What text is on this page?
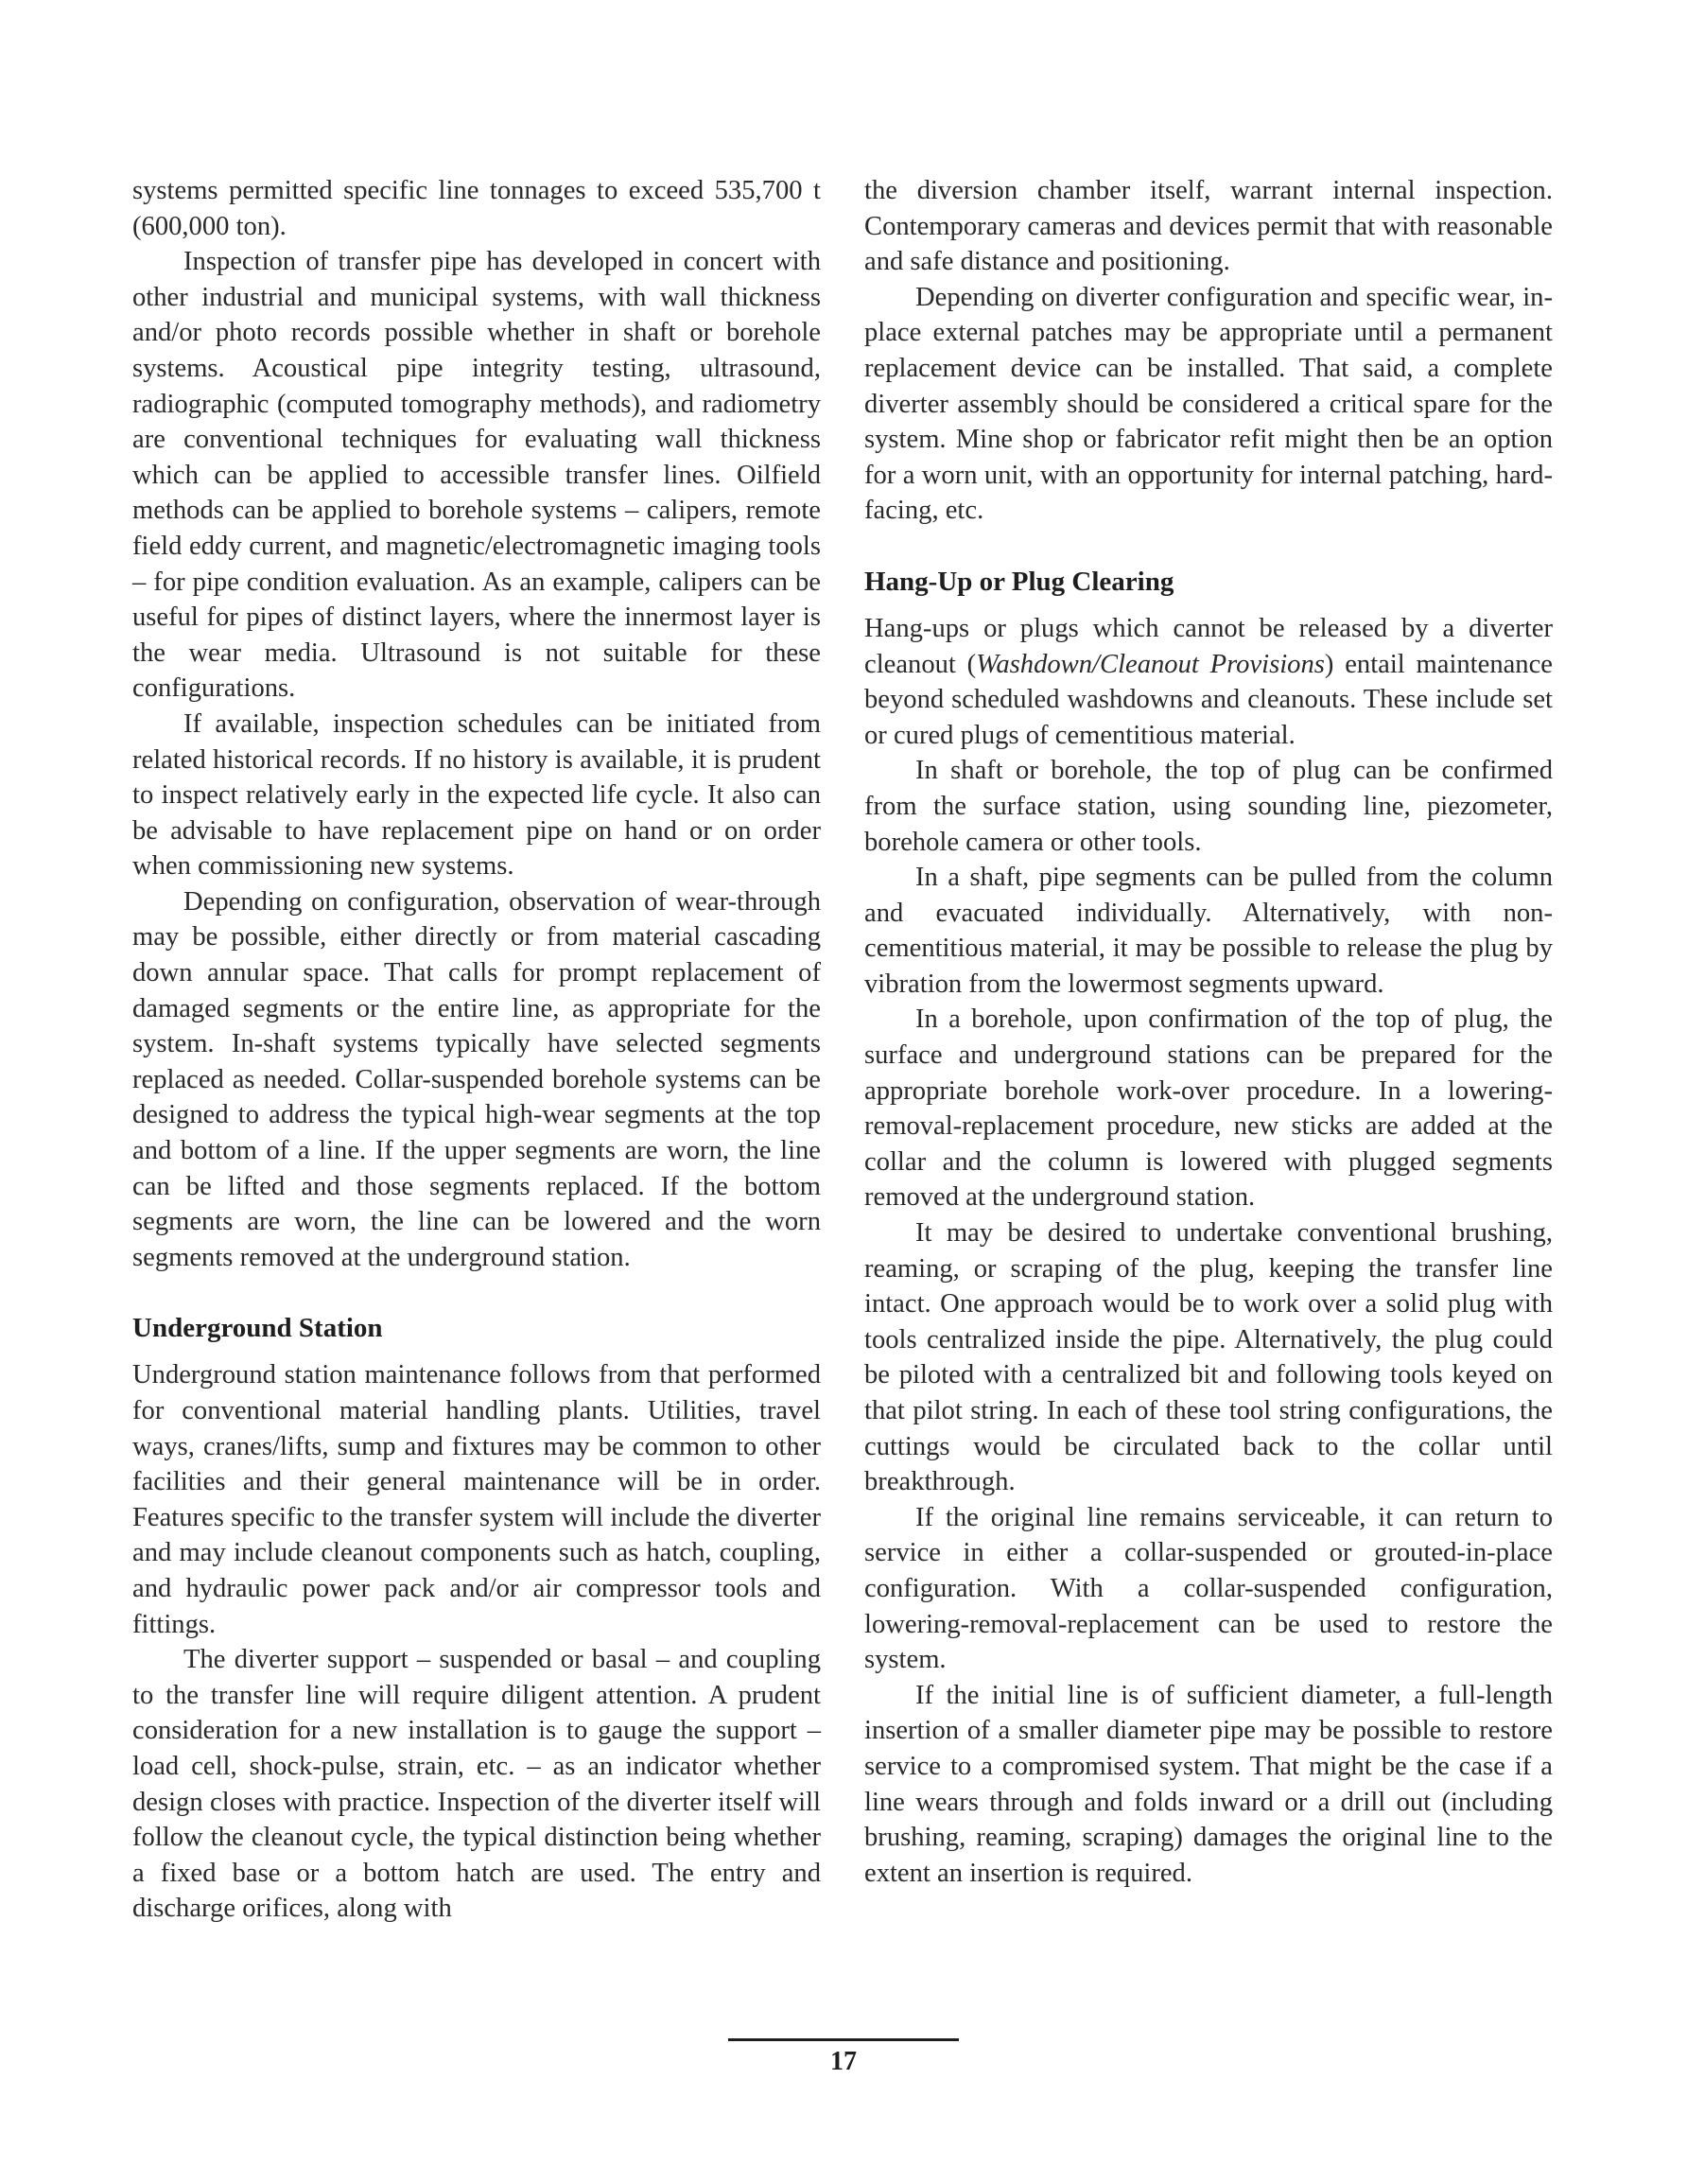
systems permitted specific line tonnages to exceed 535,700 t (600,000 ton).

Inspection of transfer pipe has developed in concert with other industrial and municipal systems, with wall thickness and/or photo records possible whether in shaft or borehole systems. Acoustical pipe integrity testing, ultrasound, radiographic (computed tomography methods), and radiometry are conventional techniques for evaluating wall thickness which can be applied to accessible transfer lines. Oilfield methods can be applied to borehole systems – calipers, remote field eddy current, and magnetic/electromagnetic imaging tools – for pipe condition evaluation. As an example, calipers can be useful for pipes of distinct layers, where the innermost layer is the wear media. Ultrasound is not suitable for these configurations.

If available, inspection schedules can be initiated from related historical records. If no history is available, it is prudent to inspect relatively early in the expected life cycle. It also can be advisable to have replacement pipe on hand or on order when commissioning new systems.

Depending on configuration, observation of wear-through may be possible, either directly or from material cascading down annular space. That calls for prompt replacement of damaged segments or the entire line, as appropriate for the system. In-shaft systems typically have selected segments replaced as needed. Collar-suspended borehole systems can be designed to address the typical high-wear segments at the top and bottom of a line. If the upper segments are worn, the line can be lifted and those segments replaced. If the bottom segments are worn, the line can be lowered and the worn segments removed at the underground station.

Underground Station

Underground station maintenance follows from that performed for conventional material handling plants. Utilities, travel ways, cranes/lifts, sump and fixtures may be common to other facilities and their general maintenance will be in order. Features specific to the transfer system will include the diverter and may include cleanout components such as hatch, coupling, and hydraulic power pack and/or air compressor tools and fittings.

The diverter support – suspended or basal – and coupling to the transfer line will require diligent attention. A prudent consideration for a new installation is to gauge the support – load cell, shock-pulse, strain, etc. – as an indicator whether design closes with practice. Inspection of the diverter itself will follow the cleanout cycle, the typical distinction being whether a fixed base or a bottom hatch are used. The entry and discharge orifices, along with

the diversion chamber itself, warrant internal inspection. Contemporary cameras and devices permit that with reasonable and safe distance and positioning.

Depending on diverter configuration and specific wear, in-place external patches may be appropriate until a permanent replacement device can be installed. That said, a complete diverter assembly should be considered a critical spare for the system. Mine shop or fabricator refit might then be an option for a worn unit, with an opportunity for internal patching, hard-facing, etc.

Hang-Up or Plug Clearing

Hang-ups or plugs which cannot be released by a diverter cleanout (Washdown/Cleanout Provisions) entail maintenance beyond scheduled washdowns and cleanouts. These include set or cured plugs of cementitious material.

In shaft or borehole, the top of plug can be confirmed from the surface station, using sounding line, piezometer, borehole camera or other tools.

In a shaft, pipe segments can be pulled from the column and evacuated individually. Alternatively, with non-cementitious material, it may be possible to release the plug by vibration from the lowermost segments upward.

In a borehole, upon confirmation of the top of plug, the surface and underground stations can be prepared for the appropriate borehole work-over procedure. In a lowering-removal-replacement procedure, new sticks are added at the collar and the column is lowered with plugged segments removed at the underground station.

It may be desired to undertake conventional brushing, reaming, or scraping of the plug, keeping the transfer line intact. One approach would be to work over a solid plug with tools centralized inside the pipe. Alternatively, the plug could be piloted with a centralized bit and following tools keyed on that pilot string. In each of these tool string configurations, the cuttings would be circulated back to the collar until breakthrough.

If the original line remains serviceable, it can return to service in either a collar-suspended or grouted-in-place configuration. With a collar-suspended configuration, lowering-removal-replacement can be used to restore the system.

If the initial line is of sufficient diameter, a full-length insertion of a smaller diameter pipe may be possible to restore service to a compromised system. That might be the case if a line wears through and folds inward or a drill out (including brushing, reaming, scraping) damages the original line to the extent an insertion is required.

17
